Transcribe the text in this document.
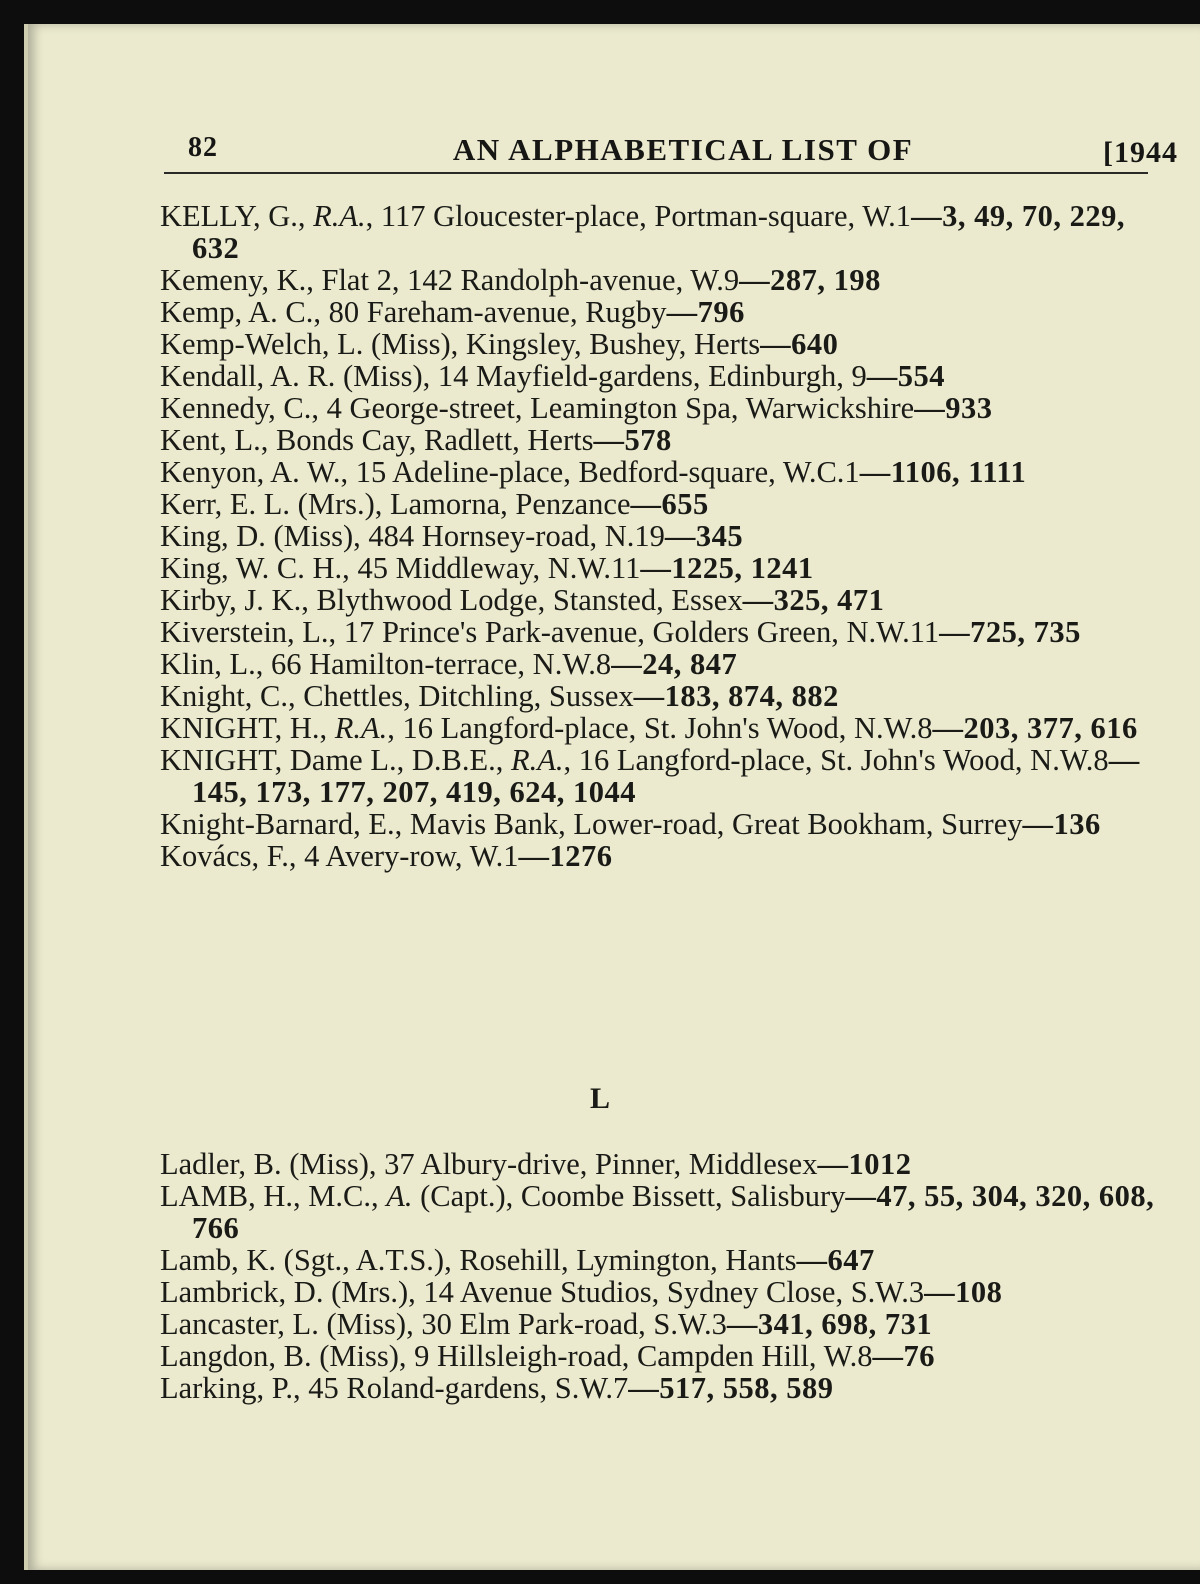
82	AN ALPHABETICAL LIST OF	[1944
KELLY, G., R.A., 117 Gloucester-place, Portman-square, W.1—3, 49, 70, 229, 632
Kemeny, K., Flat 2, 142 Randolph-avenue, W.9—287, 198
Kemp, A. C., 80 Fareham-avenue, Rugby—796
Kemp-Welch, L. (Miss), Kingsley, Bushey, Herts—640
Kendall, A. R. (Miss), 14 Mayfield-gardens, Edinburgh, 9—554
Kennedy, C., 4 George-street, Leamington Spa, Warwickshire—933
Kent, L., Bonds Cay, Radlett, Herts—578
Kenyon, A. W., 15 Adeline-place, Bedford-square, W.C.1—1106, 1111
Kerr, E. L. (Mrs.), Lamorna, Penzance—655
King, D. (Miss), 484 Hornsey-road, N.19—345
King, W. C. H., 45 Middleway, N.W.11—1225, 1241
Kirby, J. K., Blythwood Lodge, Stansted, Essex—325, 471
Kiverstein, L., 17 Prince's Park-avenue, Golders Green, N.W.11—725, 735
Klin, L., 66 Hamilton-terrace, N.W.8—24, 847
Knight, C., Chettles, Ditchling, Sussex—183, 874, 882
KNIGHT, H., R.A., 16 Langford-place, St. John's Wood, N.W.8—203, 377, 616
KNIGHT, Dame L., D.B.E., R.A., 16 Langford-place, St. John's Wood, N.W.8—145, 173, 177, 207, 419, 624, 1044
Knight-Barnard, E., Mavis Bank, Lower-road, Great Bookham, Surrey—136
Kovács, F., 4 Avery-row, W.1—1276
L
Ladler, B. (Miss), 37 Albury-drive, Pinner, Middlesex—1012
LAMB, H., M.C., A. (Capt.), Coombe Bissett, Salisbury—47, 55, 304, 320, 608, 766
Lamb, K. (Sgt., A.T.S.), Rosehill, Lymington, Hants—647
Lambrick, D. (Mrs.), 14 Avenue Studios, Sydney Close, S.W.3—108
Lancaster, L. (Miss), 30 Elm Park-road, S.W.3—341, 698, 731
Langdon, B. (Miss), 9 Hillsleigh-road, Campden Hill, W.8—76
Larking, P., 45 Roland-gardens, S.W.7—517, 558, 589
